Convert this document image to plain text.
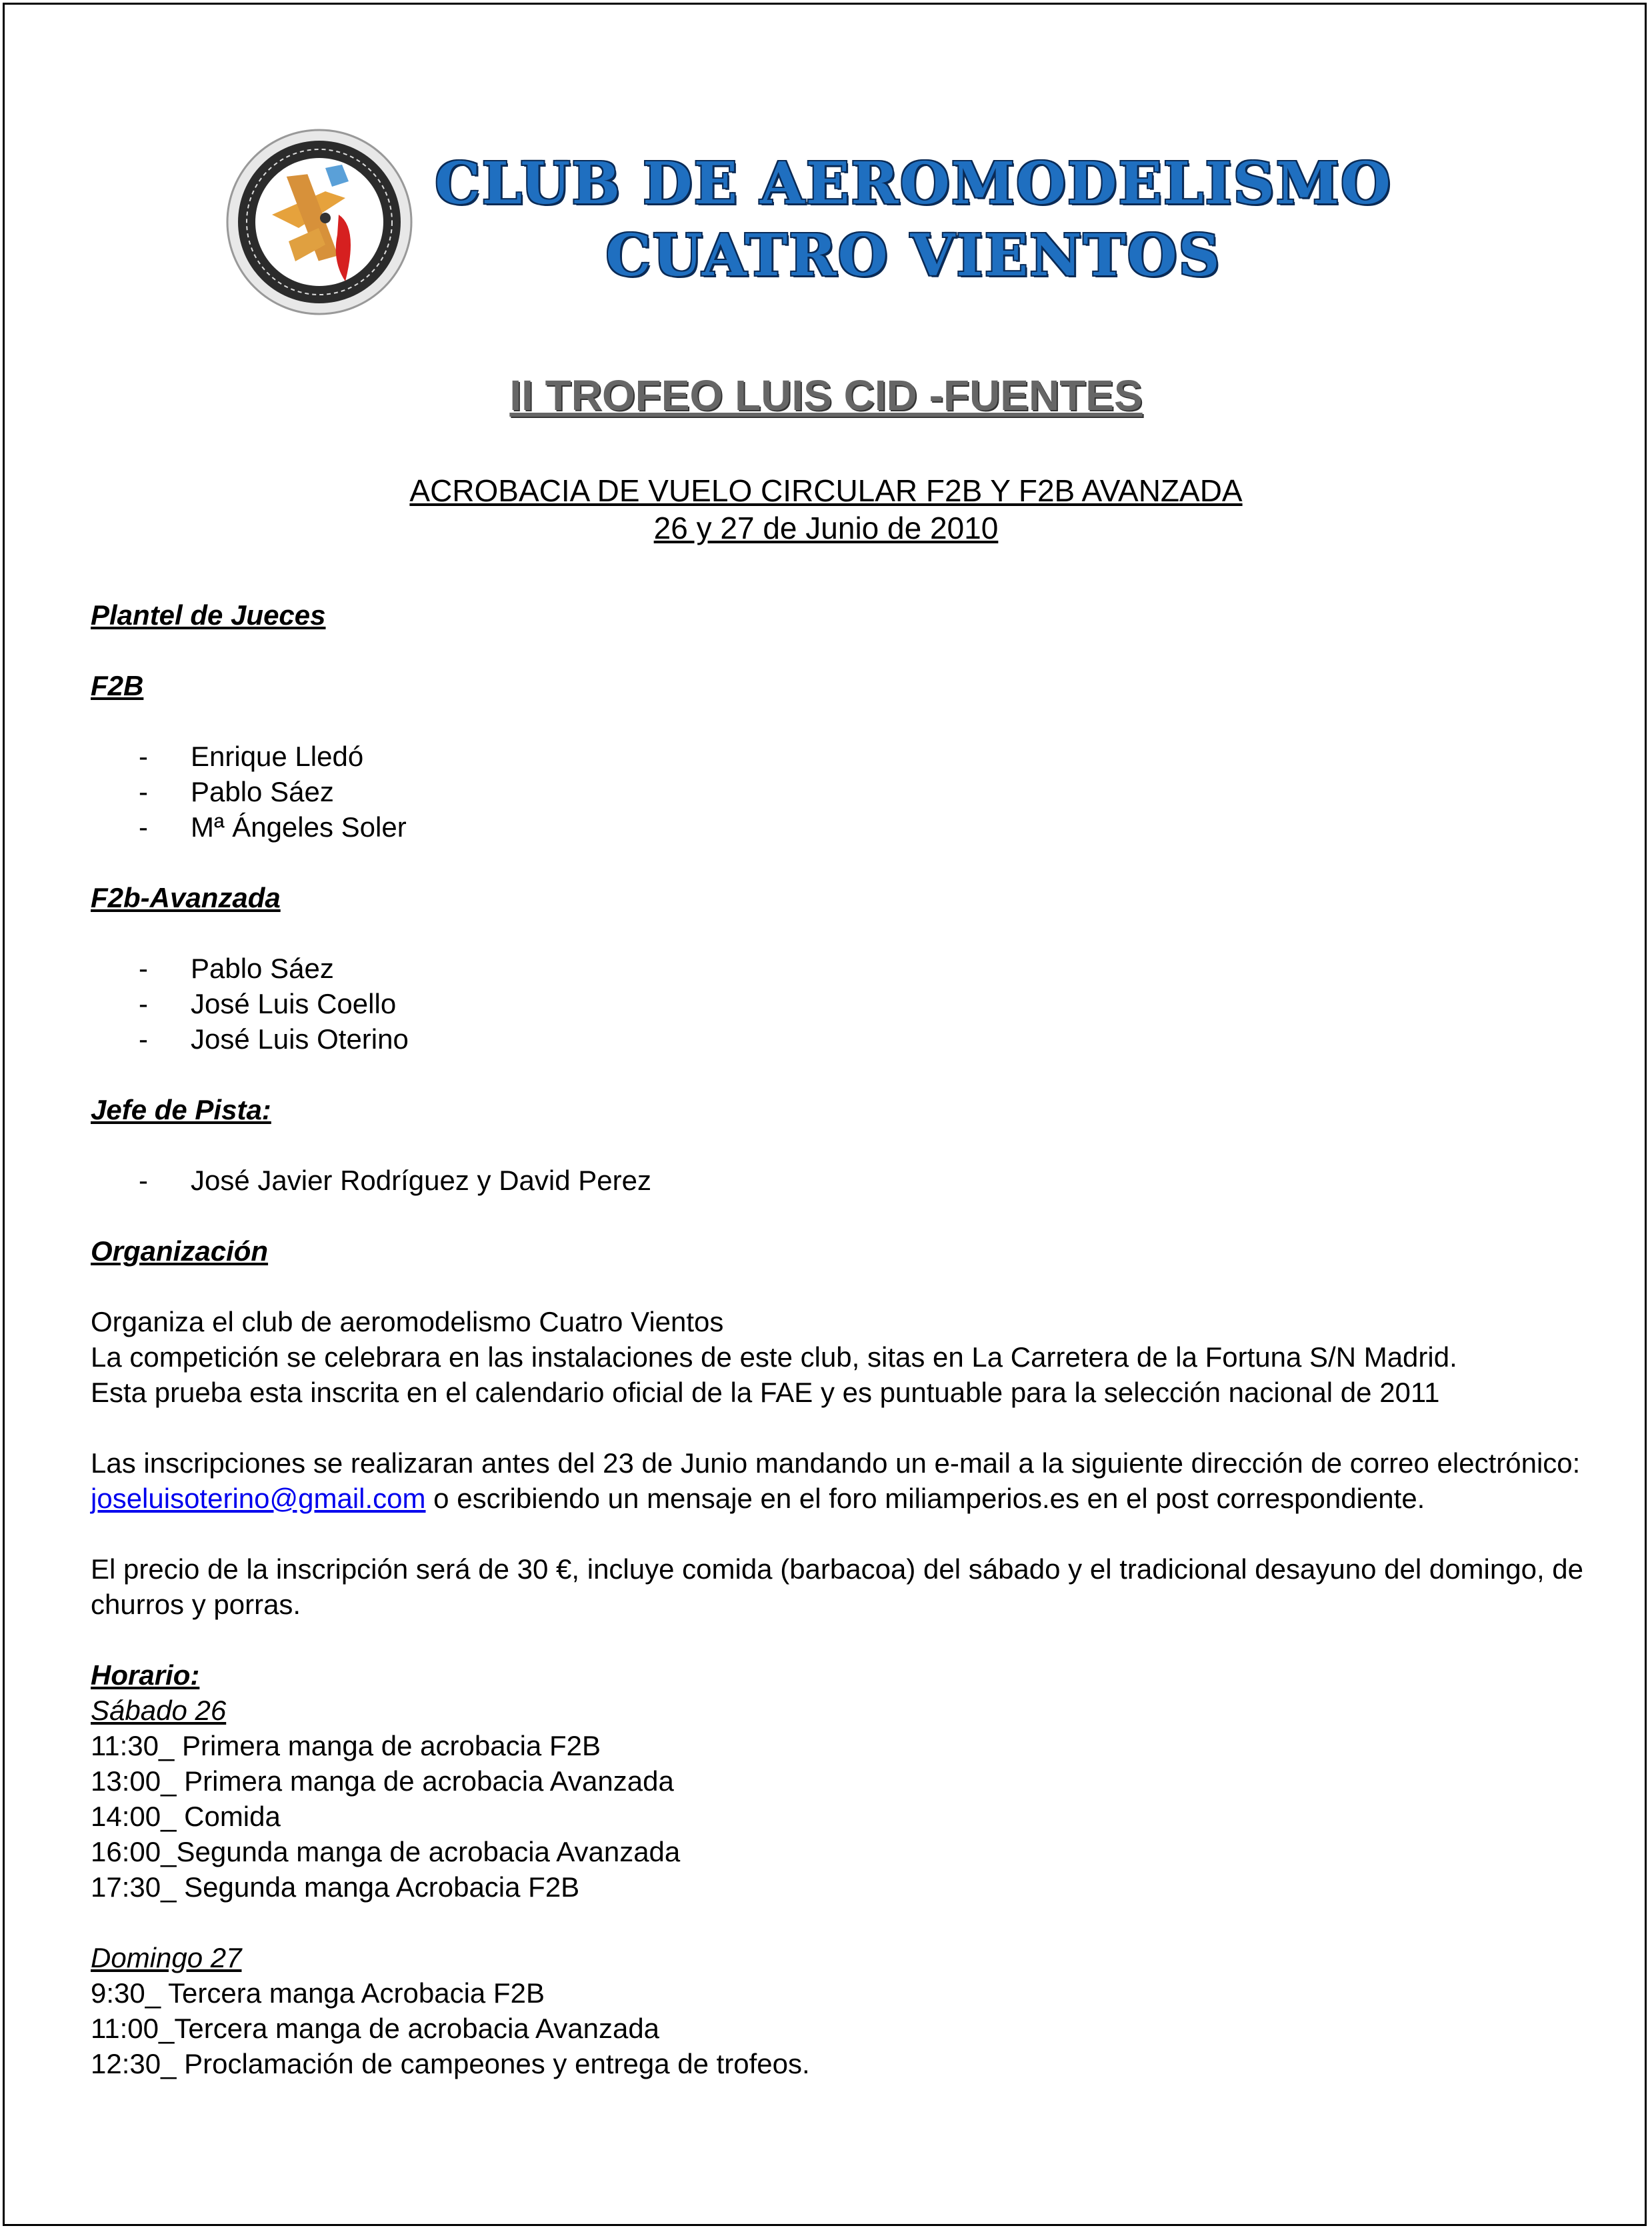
CLUB DE AEROMODELISMO
CUATRO VIENTOS
II TROFEO LUIS CID -FUENTES
ACROBACIA DE VUELO CIRCULAR F2B Y F2B AVANZADA
26 y 27 de Junio de 2010

Plantel de Jueces

F2B

- Enrique Lledó
- Pablo Sáez
- Mª Ángeles Soler

F2b-Avanzada

- Pablo Sáez
- José Luis Coello
- José Luis Oterino

Jefe de Pista:

- José Javier Rodríguez y David Perez

Organización

Organiza el club de aeromodelismo Cuatro Vientos

La competición se celebrara en las instalaciones de este club, sitas en La Carretera de la Fortuna S/N Madrid.

Esta prueba esta inscrita en el calendario oficial de la FAE y es puntuable para la selección nacional de 2011

Las inscripciones se realizaran antes del 23 de Junio mandando un e-mail a la siguiente dirección de correo electrónico: joseluisoterino@gmail.com o escribiendo un mensaje en el foro miliamperios.es en el post correspondiente.

El precio de la inscripción será de 30 €, incluye comida (barbacoa) del sábado y el tradicional desayuno del domingo, de churros y porras.

Horario:

Sábado 26

11:30_ Primera manga de acrobacia F2B

13:00_ Primera manga de acrobacia Avanzada

14:00_ Comida

16:00_Segunda manga de acrobacia Avanzada

17:30_ Segunda manga Acrobacia F2B

Domingo 27

9:30_ Tercera manga Acrobacia F2B

11:00_Tercera manga de acrobacia Avanzada

12:30_ Proclamación de campeones y entrega de trofeos.
